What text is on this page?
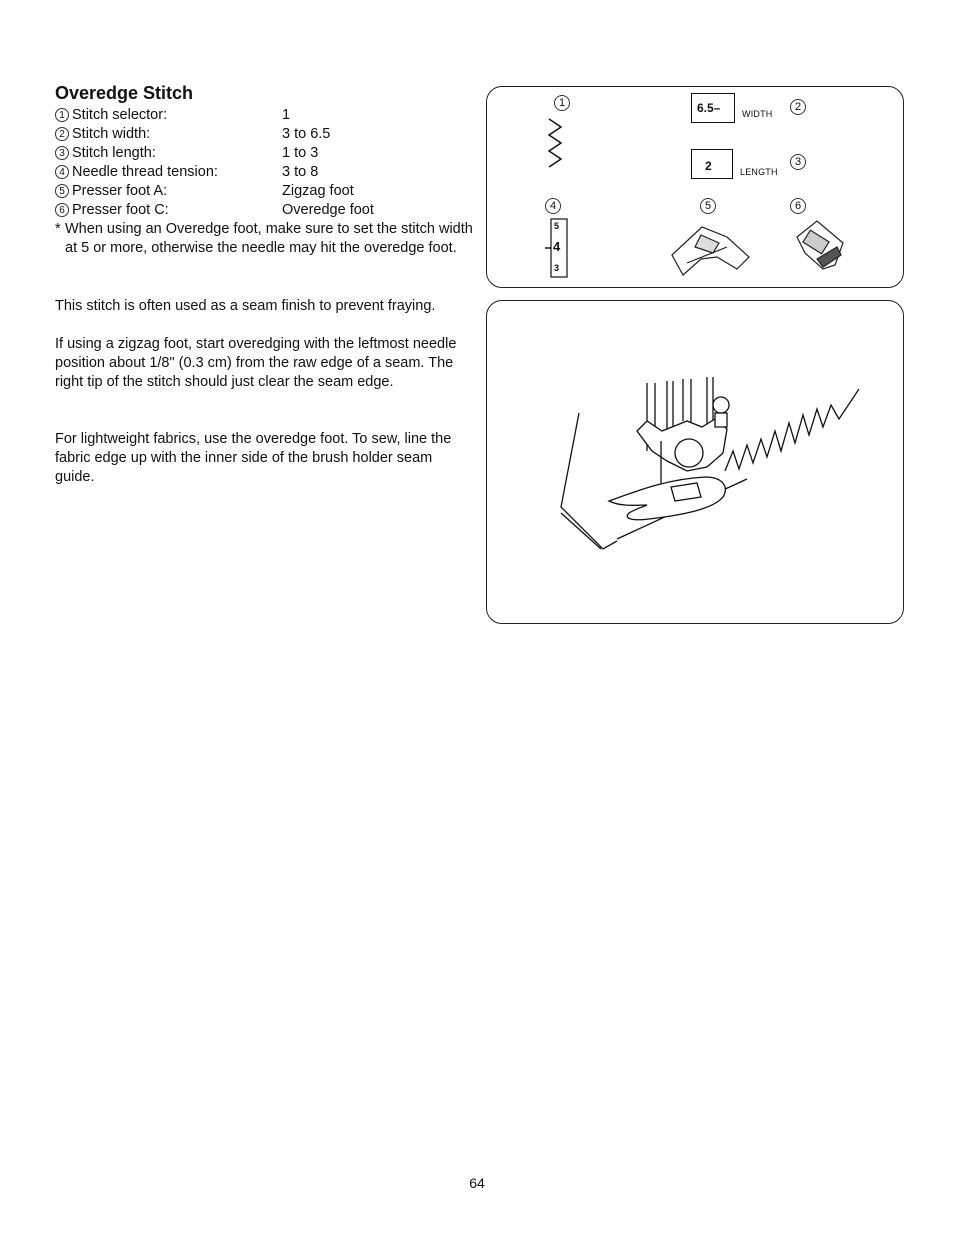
Overedge Stitch
1 Stitch selector:	1
2 Stitch width:	3 to 6.5
3 Stitch length:	1 to 3
4 Needle thread tension:	3 to 8
5 Presser foot A:	Zigzag foot
6 Presser foot C:	Overedge foot
* When using an Overedge foot, make sure to set the stitch width at 5 or more, otherwise the needle may hit the overedge foot.

This stitch is often used as a seam finish to prevent fraying.

If using a zigzag foot, start overedging with the leftmost needle position about 1/8" (0.3 cm) from the raw edge of a seam. The right tip of the stitch should just clear the seam edge.

For lightweight fabrics, use the overedge foot. To sew, line the fabric edge up with the inner side of the brush holder seam guide.

1	2
3
4	5	6
6.5–	WIDTH
2	LENGTH
5
4
3
64
